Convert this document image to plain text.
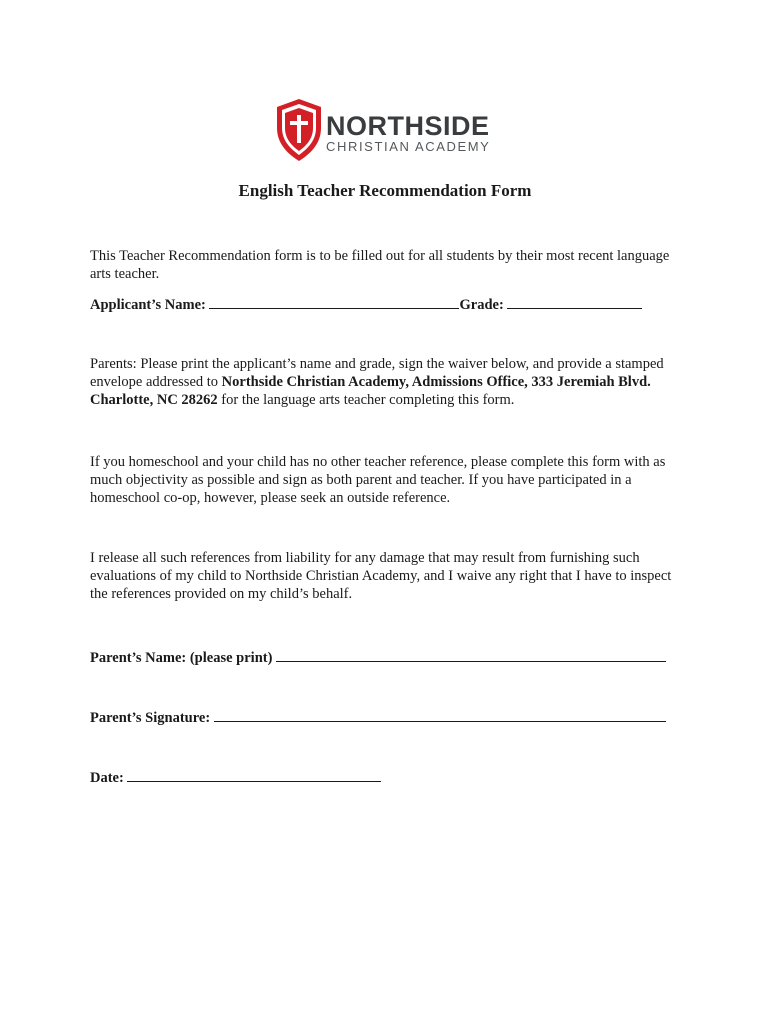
NORTHSIDE
CHRISTIAN ACADEMY
English Teacher Recommendation Form
This Teacher Recommendation form is to be filled out for all students by their most recent language arts teacher.
Applicant’s Name:	Grade:
Parents: Please print the applicant’s name and grade, sign the waiver below, and provide a stamped envelope addressed to Northside Christian Academy, Admissions Office, 333 Jeremiah Blvd. Charlotte, NC 28262 for the language arts teacher completing this form.
If you homeschool and your child has no other teacher reference, please complete this form with as much objectivity as possible and sign as both parent and teacher. If you have participated in a homeschool co-op, however, please seek an outside reference.
I release all such references from liability for any damage that may result from furnishing such evaluations of my child to Northside Christian Academy, and I waive any right that I have to inspect the references provided on my child’s behalf.
Parent’s Name: (please print)
Parent’s Signature:
Date:
